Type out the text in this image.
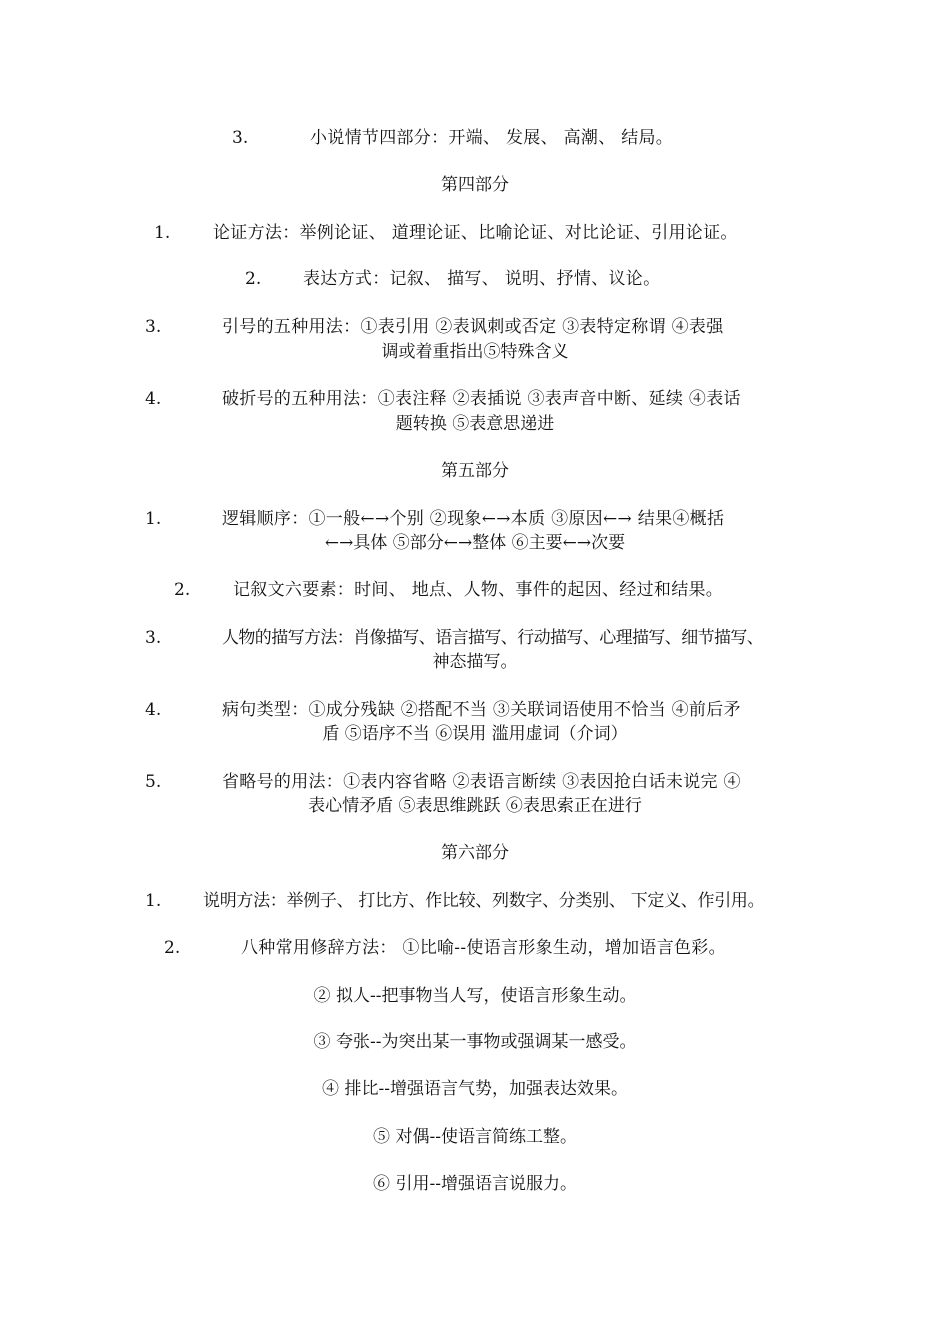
3.	小说情节四部分：开端、 发展、 高潮、 结局。
第四部分
1.	论证方法：举例论证、 道理论证、比喻论证、对比论证、引用论证。
2. 表达方式：记叙、 描写、 说明、抒情、议论。
3.	引号的五种用法：①表引用 ②表讽刺或否定 ③表特定称谓 ④表强
调或着重指出⑤特殊含义
4.	破折号的五种用法：①表注释 ②表插说 ③表声音中断、延续 ④表话
题转换 ⑤表意思递进
第五部分
1.	逻辑顺序：①一般←→个别 ②现象←→本质 ③原因←→ 结果④概括
←→具体 ⑤部分←→整体 ⑥主要←→次要
2.	记叙文六要素：时间、 地点、人物、事件的起因、经过和结果。
3.	人物的描写方法：肖像描写、语言描写、行动描写、心理描写、细节描写、
神态描写。
4.	病句类型：①成分残缺 ②搭配不当 ③关联词语使用不恰当 ④前后矛
盾 ⑤语序不当 ⑥误用 滥用虚词（介词）
5.	省略号的用法：①表内容省略 ②表语言断续 ③表因抢白话未说完 ④
表心情矛盾 ⑤表思维跳跃 ⑥表思索正在进行
第六部分
1. 说明方法：举例子、 打比方、作比较、列数字、分类别、 下定义、作引用。
2.	八种常用修辞方法： ①比喻--使语言形象生动，增加语言色彩。
② 拟人--把事物当人写，使语言形象生动。
③ 夸张--为突出某一事物或强调某一感受。
④ 排比--增强语言气势，加强表达效果。
⑤ 对偶--使语言简练工整。
⑥ 引用--增强语言说服力。
